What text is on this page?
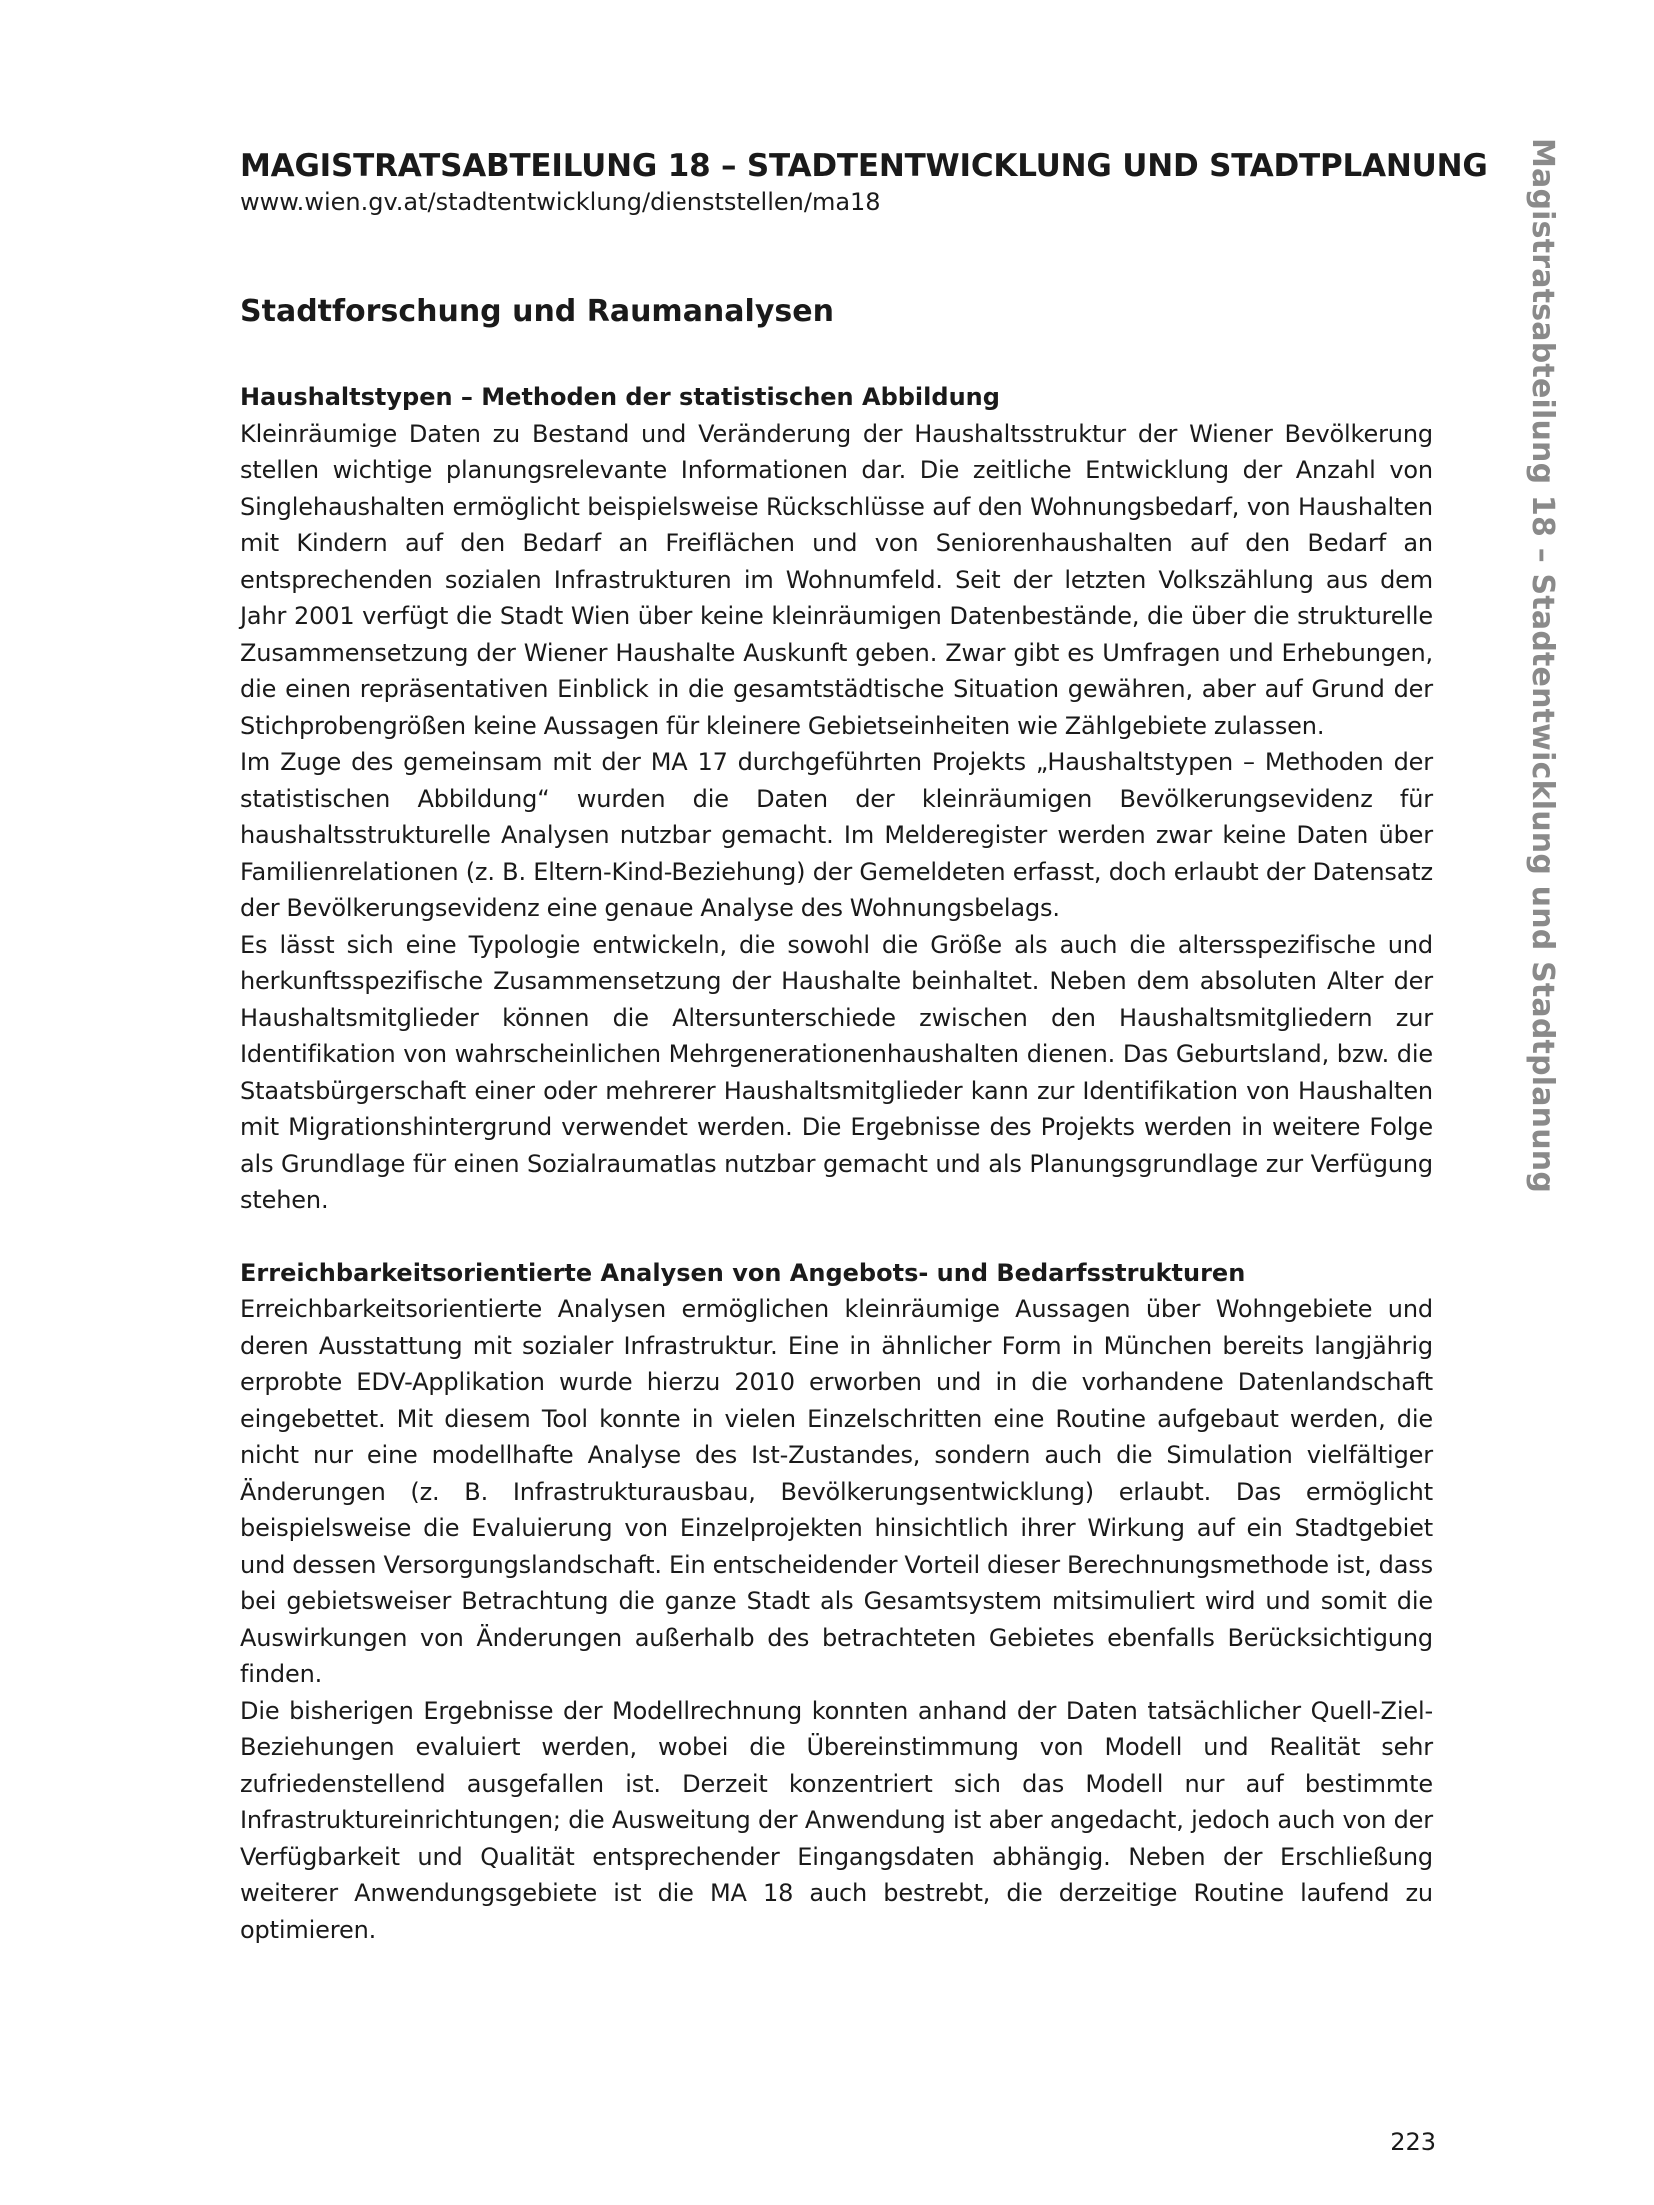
MAGISTRATSABTEILUNG 18 – STADTENTWICKLUNG UND STADTPLANUNG

www.wien.gv.at/stadtentwicklung/dienststellen/ma18

Stadtforschung und Raumanalysen
Haushaltstypen – Methoden der statistischen Abbildung

Kleinräumige Daten zu Bestand und Veränderung der Haushaltsstruktur der Wiener Bevölkerung stellen wichtige planungsrelevante Informationen dar. Die zeitliche Entwicklung der Anzahl von Singlehaushalten ermöglicht beispielsweise Rückschlüsse auf den Wohnungsbedarf, von Haushalten mit Kindern auf den Bedarf an Freiflächen und von Seniorenhaushalten auf den Bedarf an entsprechenden sozialen Infrastrukturen im Wohnumfeld. Seit der letzten Volkszählung aus dem Jahr 2001 verfügt die Stadt Wien über keine kleinräumigen Datenbestände, die über die strukturelle Zusammensetzung der Wiener Haushalte Auskunft geben. Zwar gibt es Umfragen und Erhebungen, die einen repräsentativen Einblick in die gesamtstädtische Situation gewähren, aber auf Grund der Stichprobengrößen keine Aussagen für kleinere Gebietseinheiten wie Zählgebiete zulassen.

Im Zuge des gemeinsam mit der MA 17 durchgeführten Projekts „Haushaltstypen – Methoden der statistischen Abbildung“ wurden die Daten der kleinräumigen Bevölkerungsevidenz für haushaltsstrukturelle Analysen nutzbar gemacht. Im Melderegister werden zwar keine Daten über Familienrelationen (z. B. Eltern-Kind-Beziehung) der Gemeldeten erfasst, doch erlaubt der Datensatz der Bevölkerungsevidenz eine genaue Analyse des Wohnungsbelags.

Es lässt sich eine Typologie entwickeln, die sowohl die Größe als auch die altersspezifische und herkunftsspezifische Zusammensetzung der Haushalte beinhaltet. Neben dem absoluten Alter der Haushaltsmitglieder können die Altersunterschiede zwischen den Haushaltsmitgliedern zur Identifikation von wahrscheinlichen Mehrgenerationenhaushalten dienen. Das Geburtsland, bzw. die Staatsbürgerschaft einer oder mehrerer Haushaltsmitglieder kann zur Identifikation von Haushalten mit Migrationshintergrund verwendet werden. Die Ergebnisse des Projekts werden in weitere Folge als Grundlage für einen Sozialraumatlas nutzbar gemacht und als Planungsgrundlage zur Verfügung stehen.

Erreichbarkeitsorientierte Analysen von Angebots- und Bedarfsstrukturen

Erreichbarkeitsorientierte Analysen ermöglichen kleinräumige Aussagen über Wohngebiete und deren Ausstattung mit sozialer Infrastruktur. Eine in ähnlicher Form in München bereits langjährig erprobte EDV-Applikation wurde hierzu 2010 erworben und in die vorhandene Datenlandschaft eingebettet. Mit diesem Tool konnte in vielen Einzelschritten eine Routine aufgebaut werden, die nicht nur eine modellhafte Analyse des Ist-Zustandes, sondern auch die Simulation vielfältiger Änderungen (z. B. Infrastrukturausbau, Bevölkerungsentwicklung) erlaubt. Das ermöglicht beispielsweise die Evaluierung von Einzelprojekten hinsichtlich ihrer Wirkung auf ein Stadtgebiet und dessen Versorgungslandschaft. Ein entscheidender Vorteil dieser Berechnungsmethode ist, dass bei gebietsweiser Betrachtung die ganze Stadt als Gesamtsystem mitsimuliert wird und somit die Auswirkungen von Änderungen außerhalb des betrachteten Gebietes ebenfalls Berücksichtigung finden.

Die bisherigen Ergebnisse der Modellrechnung konnten anhand der Daten tatsächlicher Quell-Ziel-Beziehungen evaluiert werden, wobei die Übereinstimmung von Modell und Realität sehr zufriedenstellend ausgefallen ist. Derzeit konzentriert sich das Modell nur auf bestimmte Infrastruktureinrichtungen; die Ausweitung der Anwendung ist aber angedacht, jedoch auch von der Verfügbarkeit und Qualität entsprechender Eingangsdaten abhängig. Neben der Erschließung weiterer Anwendungsgebiete ist die MA 18 auch bestrebt, die derzeitige Routine laufend zu optimieren.

Magistratsabteilung 18 – Stadtentwicklung und Stadtplanung
223
